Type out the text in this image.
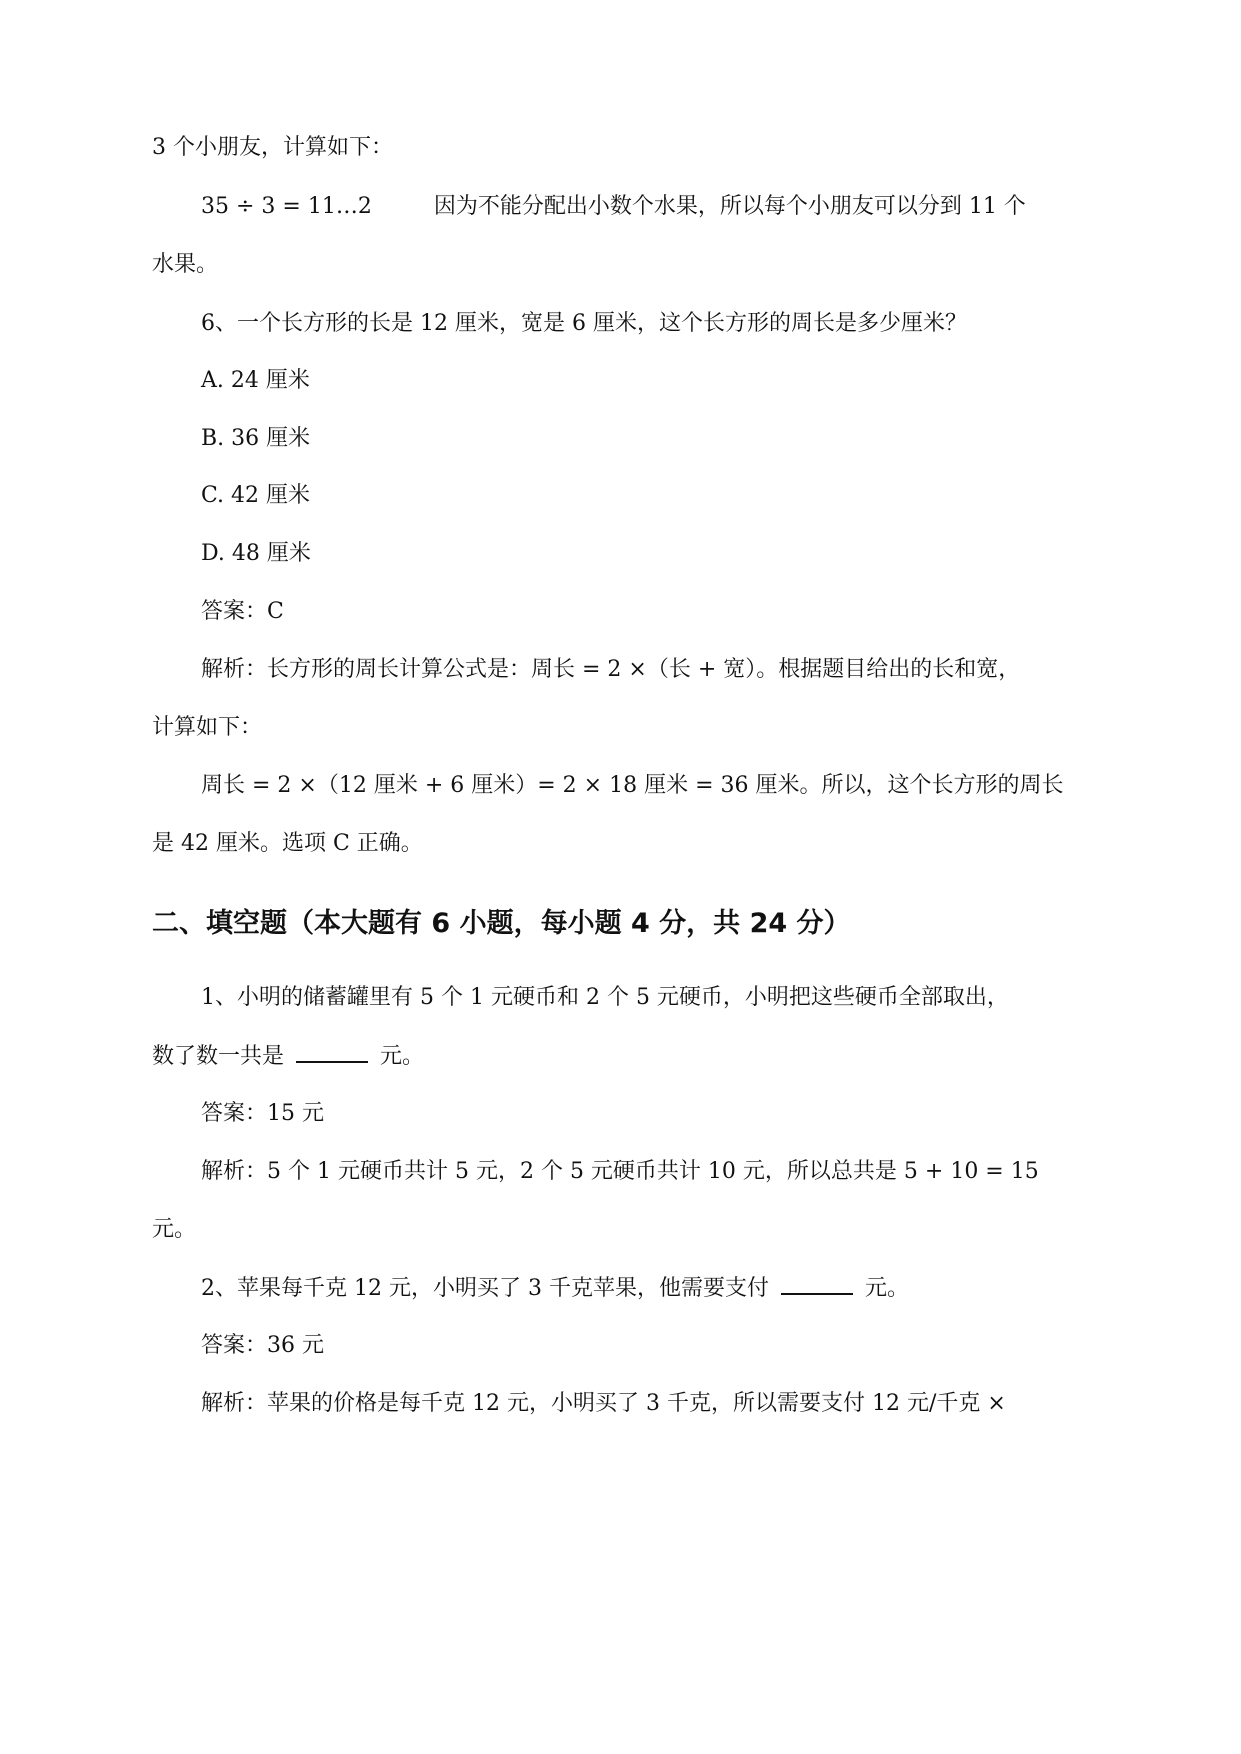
3 个小朋友，计算如下：
35 ÷ 3 = 11…2	因为不能分配出小数个水果，所以每个小朋友可以分到 11 个
水果。
6、一个长方形的长是 12 厘米，宽是 6 厘米，这个长方形的周长是多少厘米？
A. 24 厘米
B. 36 厘米
C. 42 厘米
D. 48 厘米
答案：C
解析：长方形的周长计算公式是：周长 = 2 ×（长 + 宽）。根据题目给出的长和宽，
计算如下：
周长 = 2 ×（12 厘米 + 6 厘米）= 2 × 18 厘米 = 36 厘米。所以，这个长方形的周长
是 42 厘米。选项 C 正确。
二、填空题（本大题有 6 小题，每小题 4 分，共 24 分）
1、小明的储蓄罐里有 5 个 1 元硬币和 2 个 5 元硬币，小明把这些硬币全部取出，
数了数一共是	元。
答案：15 元
解析：5 个 1 元硬币共计 5 元，2 个 5 元硬币共计 10 元，所以总共是 5 + 10 = 15
元。
2、苹果每千克 12 元，小明买了 3 千克苹果，他需要支付	元。
答案：36 元
解析：苹果的价格是每千克 12 元，小明买了 3 千克，所以需要支付 12 元/千克 ×
